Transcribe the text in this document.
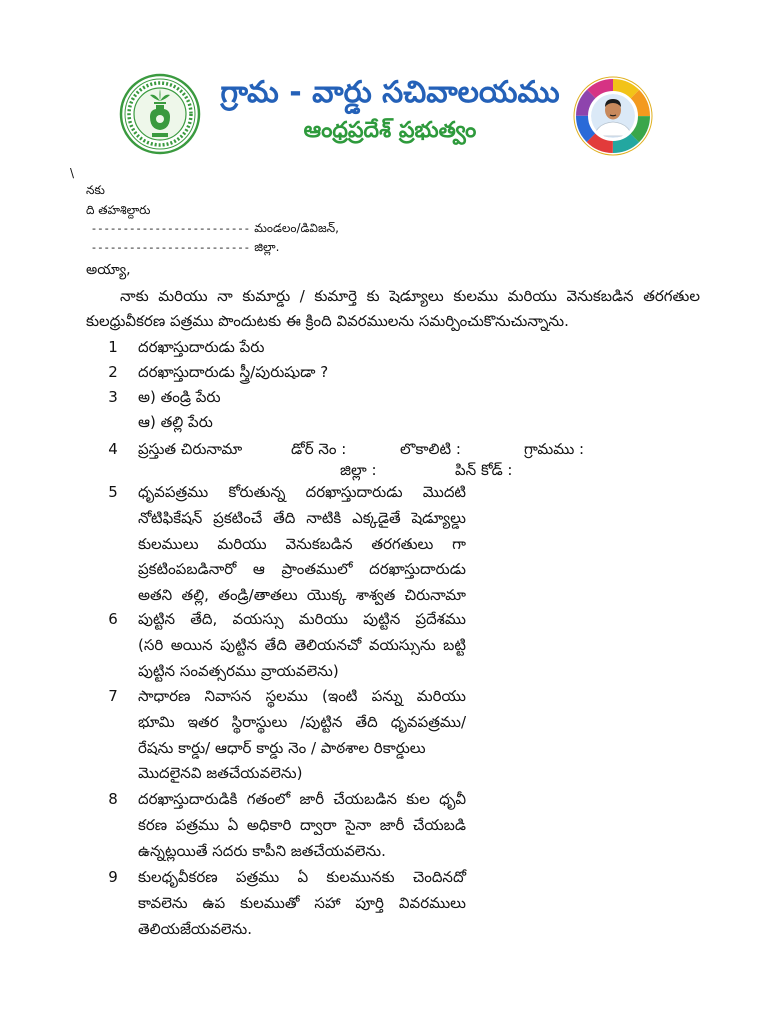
గ్రామ - వార్డు సచివాలయము
ఆంధ్రప్రదేశ్ ప్రభుత్వం
\
నకు
ది తహశిల్దారు
------------------------- మండలం/డివిజన్,
------------------------- జిల్లా.
అయ్యా,
నాకు మరియు నా కుమార్డు / కుమార్తె కు షెడ్యూలు కులము మరియు వెనుకబడిన తరగతుల
కులధ్రువీకరణ పత్రము పొందుటకు ఈ క్రింది వివరములను సమర్పించుకొనుచున్నాను.
1	దరఖాస్తుదారుడు పేరు
2	దరఖాస్తుదారుడు స్త్రీ/పురుషుడా ?
3	అ) తండ్రి పేరు
ఆ) తల్లి పేరు
4	ప్రస్తుత చిరునామా	డోర్ నెం :	లొకాలిటి :	గ్రామము :
జిల్లా :	పిన్ కోడ్ :
5	ధృవపత్రము కోరుతున్న దరఖాస్తుదారుడు మొదటి
నోటిఫికేషన్ ప్రకటించే తేది నాటికి ఎక్కడైతే షెడ్యూల్డు
కులములు మరియు వెనుకబడిన తరగతులు గా
ప్రకటింపబడినారో ఆ ప్రాంతములో దరఖాస్తుదారుడు
అతని తల్లి, తండ్రి/తాతలు యొక్క శాశ్వత చిరునామా
6	పుట్టిన తేది, వయస్సు మరియు పుట్టిన ప్రదేశము
(సరి అయిన పుట్టిన తేది తెలియనచో వయస్సును బట్టి
పుట్టిన సంవత్సరము వ్రాయవలెను)
7	సాధారణ నివాసన స్థలము (ఇంటి పన్ను మరియు
భూమి ఇతర స్థిరాస్థులు /పుట్టిన తేది ధృవపత్రము/
రేషను కార్డు/ ఆధార్ కార్డు నెం / పాఠశాల రికార్డులు
మొదలైనవి జతచేయవలెను)
8	దరఖాస్తుదారుడికి గతంలో జారీ చేయబడిన కుల ధృవీ
కరణ పత్రము ఏ అధికారి ద్వారా సైనా జారీ చేయబడి
ఉన్నట్లయితే సదరు కాపీని జతచేయవలెను.
9	కులధృవీకరణ పత్రము ఏ కులమునకు చెందినదో
కావలెను ఉప కులముతో సహా పూర్తి వివరములు
తెలియజేయవలెను.
